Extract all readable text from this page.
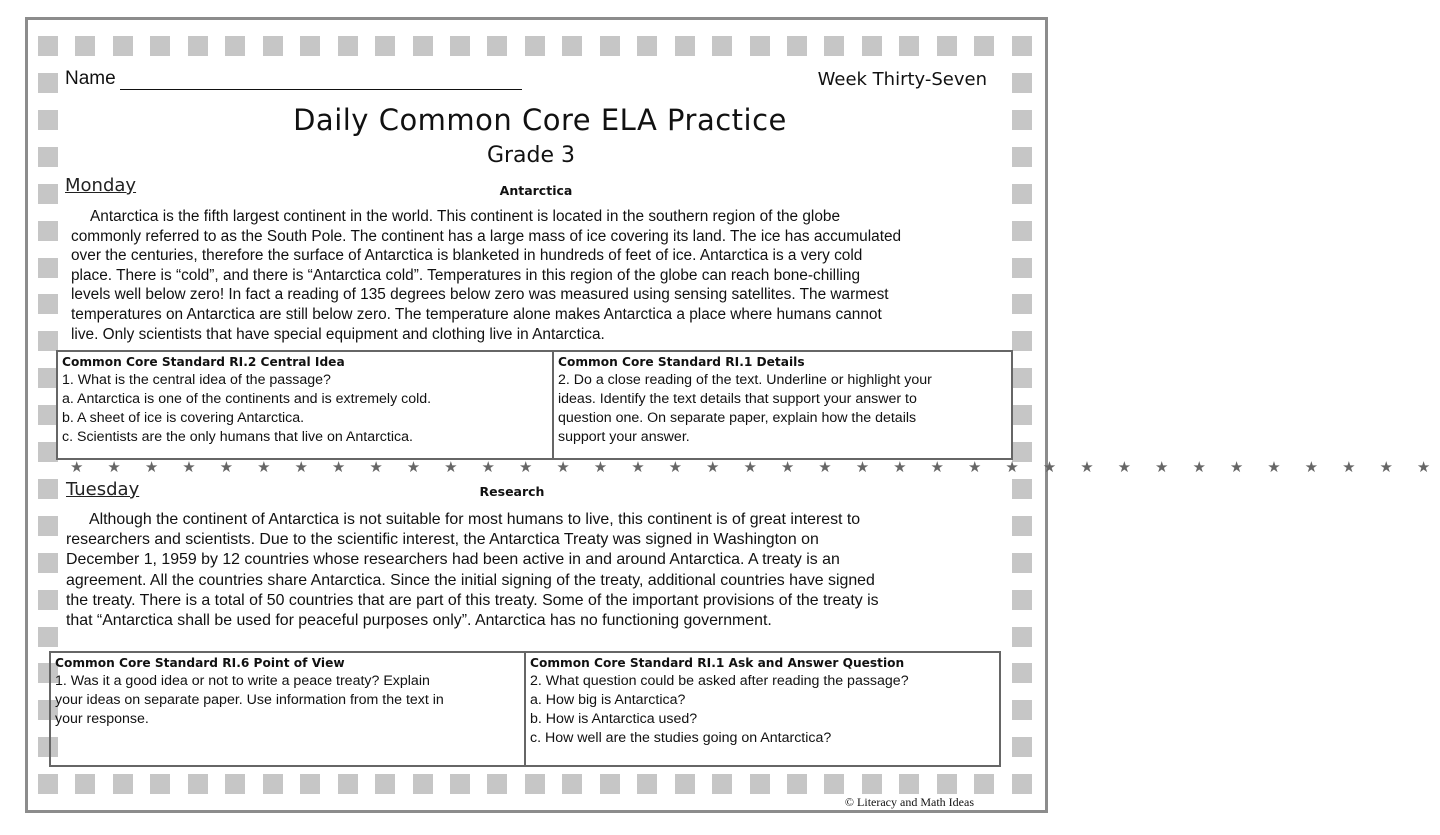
Name	Week Thirty-Seven
Daily Common Core ELA Practice
Grade 3
Monday	Antarctica
Antarctica is the fifth largest continent in the world. This continent is located in the southern region of the globe
commonly referred to as the South Pole. The continent has a large mass of ice covering its land. The ice has accumulated
over the centuries, therefore the surface of Antarctica is blanketed in hundreds of feet of ice. Antarctica is a very cold
place. There is “cold”, and there is “Antarctica cold”. Temperatures in this region of the globe can reach bone-chilling
levels well below zero! In fact a reading of 135 degrees below zero was measured using sensing satellites. The warmest
temperatures on Antarctica are still below zero. The temperature alone makes Antarctica a place where humans cannot
live. Only scientists that have special equipment and clothing live in Antarctica.
Common Core Standard RI.2 Central Idea
1. What is the central idea of the passage?
a. Antarctica is one of the continents and is extremely cold.
b. A sheet of ice is covering Antarctica.
c. Scientists are the only humans that live on Antarctica.
Common Core Standard RI.1 Details
2. Do a close reading of the text. Underline or highlight your
ideas. Identify the text details that support your answer to
question one. On separate paper, explain how the details
support your answer.
★ ★ ★ ★ ★ ★ ★ ★ ★ ★ ★ ★ ★ ★ ★ ★ ★ ★ ★ ★ ★ ★ ★ ★ ★ ★ ★ ★ ★ ★ ★ ★ ★ ★ ★ ★ ★
Tuesday	Research
Although the continent of Antarctica is not suitable for most humans to live, this continent is of great interest to
researchers and scientists. Due to the scientific interest, the Antarctica Treaty was signed in Washington on
December 1, 1959 by 12 countries whose researchers had been active in and around Antarctica. A treaty is an
agreement. All the countries share Antarctica. Since the initial signing of the treaty, additional countries have signed
the treaty. There is a total of 50 countries that are part of this treaty. Some of the important provisions of the treaty is
that “Antarctica shall be used for peaceful purposes only”. Antarctica has no functioning government.
Common Core Standard RI.6 Point of View
1. Was it a good idea or not to write a peace treaty? Explain
your ideas on separate paper. Use information from the text in
your response.
Common Core Standard RI.1 Ask and Answer Question
2. What question could be asked after reading the passage?
a. How big is Antarctica?
b. How is Antarctica used?
c. How well are the studies going on Antarctica?
© Literacy and Math Ideas
